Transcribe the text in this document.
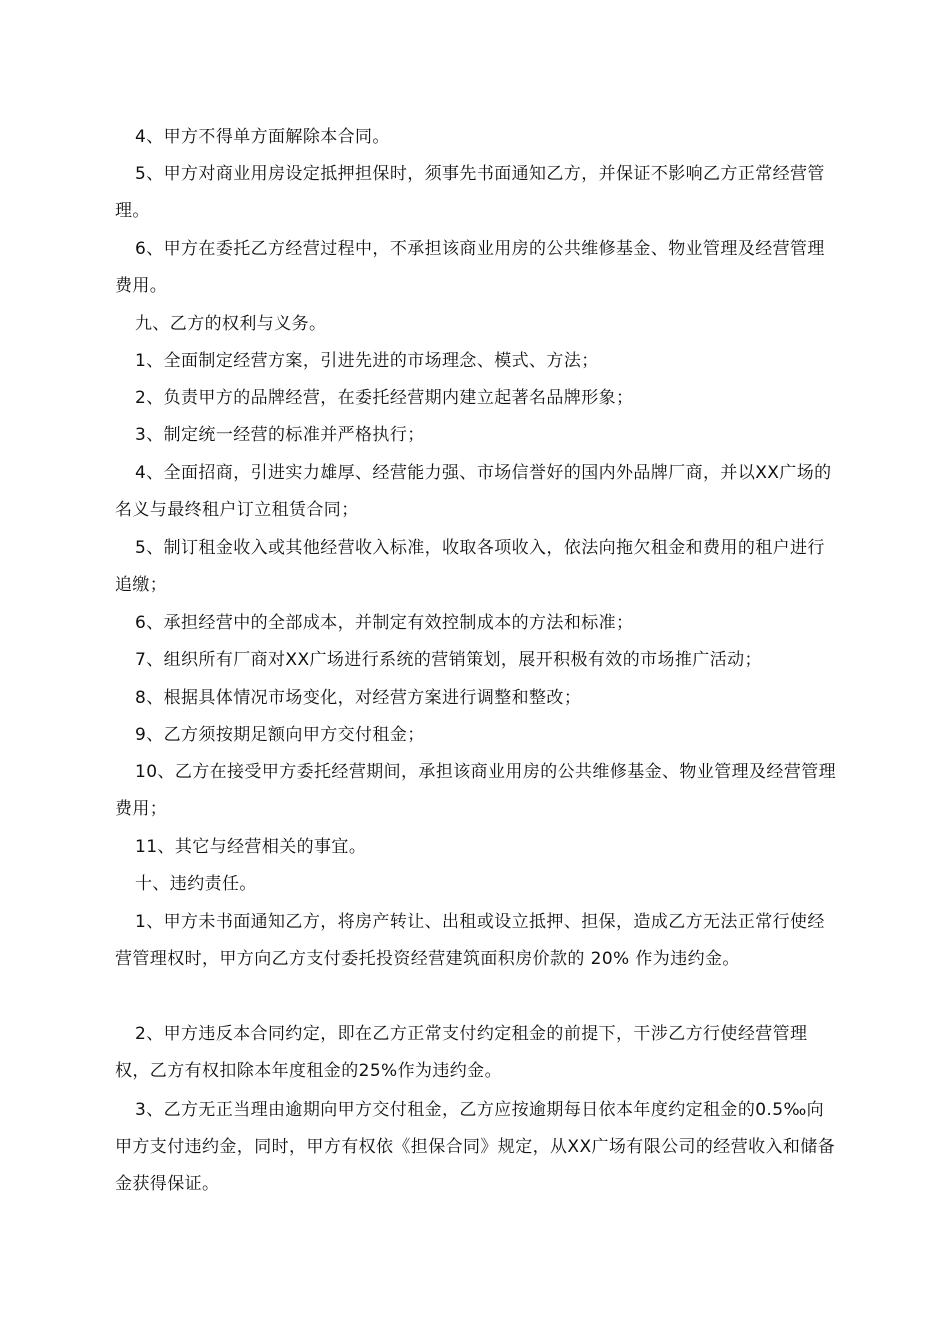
4、甲方不得单方面解除本合同。

5、甲方对商业用房设定抵押担保时，须事先书面通知乙方，并保证不影响乙方正常经营管理。

6、甲方在委托乙方经营过程中，不承担该商业用房的公共维修基金、物业管理及经营管理费用。

九、乙方的权利与义务。

1、全面制定经营方案，引进先进的市场理念、模式、方法；

2、负责甲方的品牌经营，在委托经营期内建立起著名品牌形象；

3、制定统一经营的标准并严格执行；

4、全面招商，引进实力雄厚、经营能力强、市场信誉好的国内外品牌厂商，并以XX广场的名义与最终租户订立租赁合同；

5、制订租金收入或其他经营收入标准，收取各项收入，依法向拖欠租金和费用的租户进行追缴；

6、承担经营中的全部成本，并制定有效控制成本的方法和标准；

7、组织所有厂商对XX广场进行系统的营销策划，展开积极有效的市场推广活动；

8、根据具体情况市场变化，对经营方案进行调整和整改；

9、乙方须按期足额向甲方交付租金；

10、乙方在接受甲方委托经营期间，承担该商业用房的公共维修基金、物业管理及经营管理费用；

11、其它与经营相关的事宜。

十、违约责任。

1、甲方未书面通知乙方，将房产转让、出租或设立抵押、担保，造成乙方无法正常行使经营管理权时，甲方向乙方支付委托投资经营建筑面积房价款的 20% 作为违约金。

2、甲方违反本合同约定，即在乙方正常支付约定租金的前提下，干涉乙方行使经营管理权，乙方有权扣除本年度租金的25%作为违约金。

3、乙方无正当理由逾期向甲方交付租金，乙方应按逾期每日依本年度约定租金的0.5‰向甲方支付违约金，同时，甲方有权依《担保合同》规定，从XX广场有限公司的经营收入和储备金获得保证。
